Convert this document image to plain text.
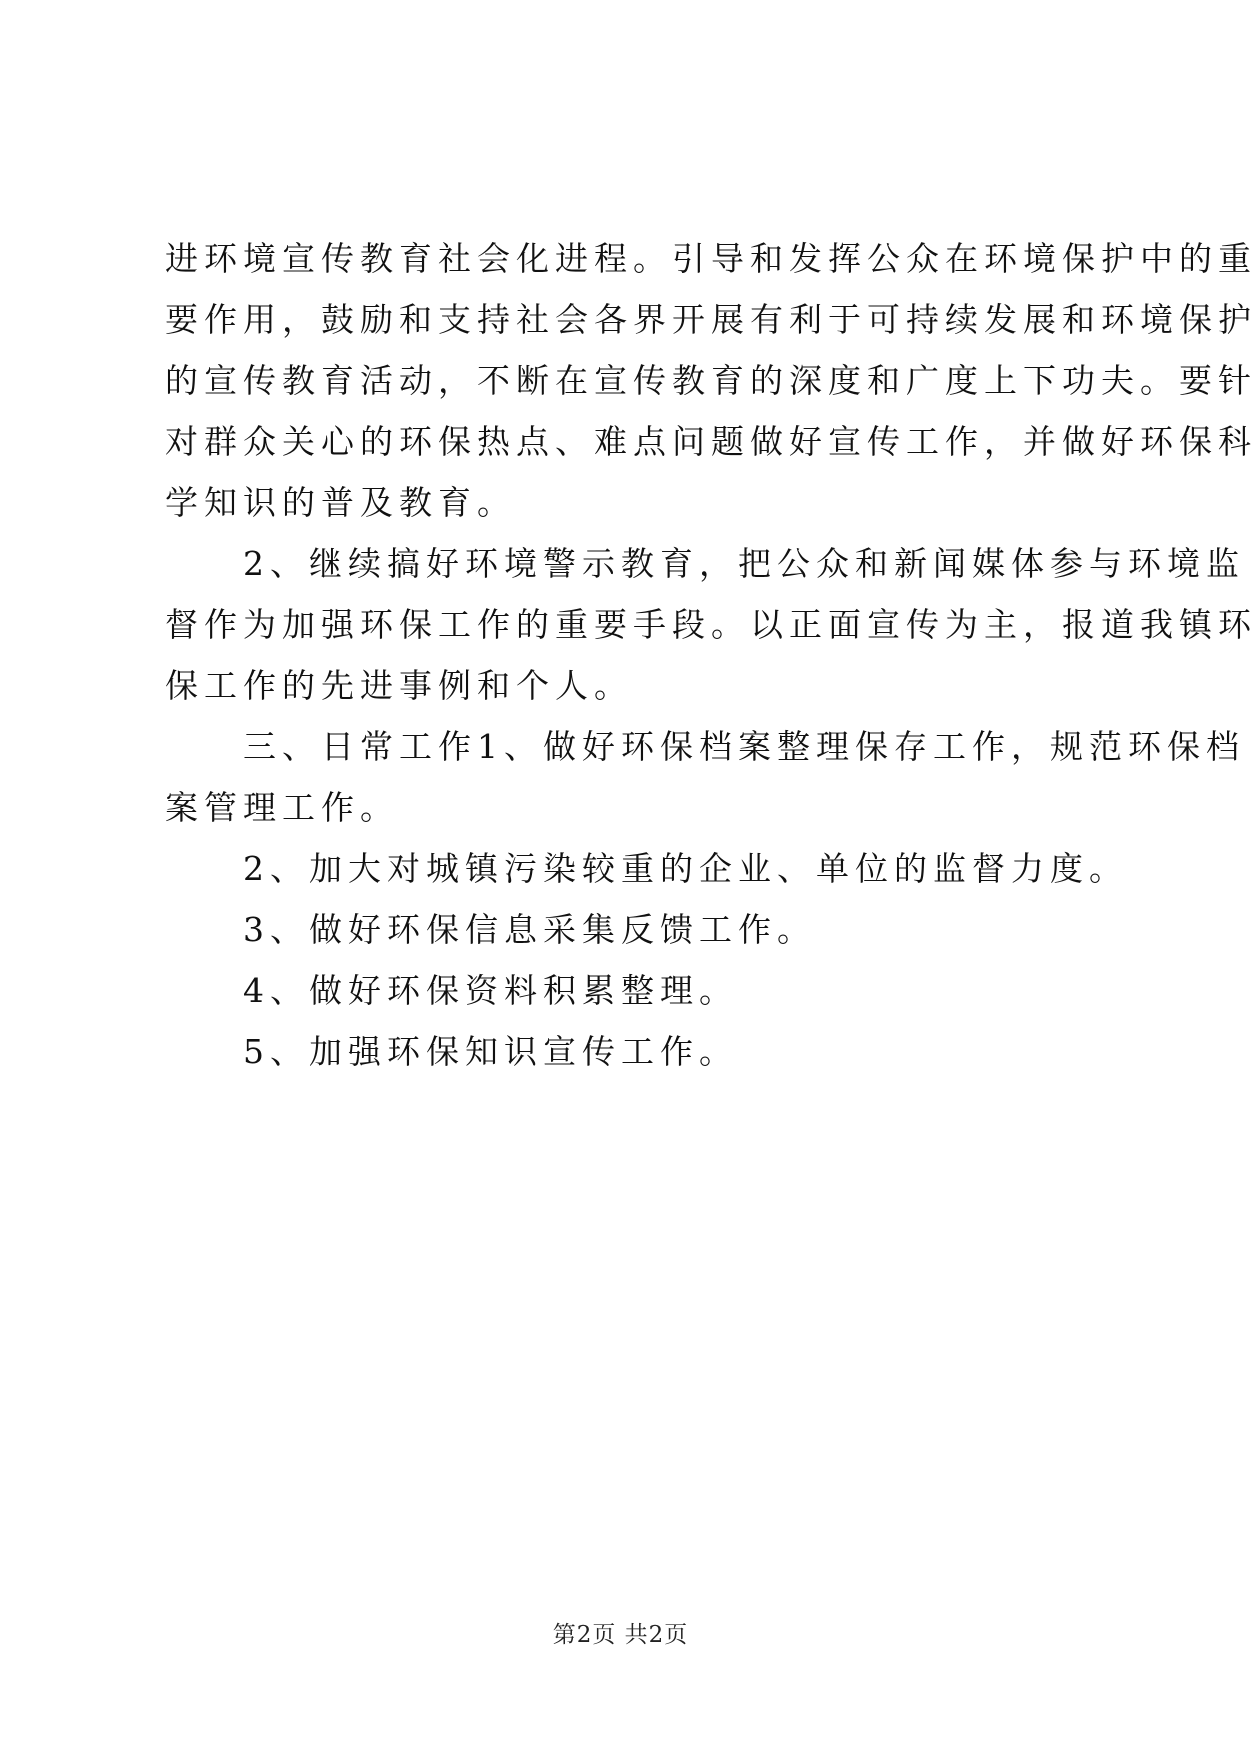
进环境宣传教育社会化进程。引导和发挥公众在环境保护中的重
要作用，鼓励和支持社会各界开展有利于可持续发展和环境保护
的宣传教育活动，不断在宣传教育的深度和广度上下功夫。要针
对群众关心的环保热点、难点问题做好宣传工作，并做好环保科
学知识的普及教育。
　　2、继续搞好环境警示教育，把公众和新闻媒体参与环境监
督作为加强环保工作的重要手段。以正面宣传为主，报道我镇环
保工作的先进事例和个人。
　　三、日常工作1、做好环保档案整理保存工作，规范环保档
案管理工作。
　　2、加大对城镇污染较重的企业、单位的监督力度。
　　3、做好环保信息采集反馈工作。
　　4、做好环保资料积累整理。
　　5、加强环保知识宣传工作。
第2页 共2页
